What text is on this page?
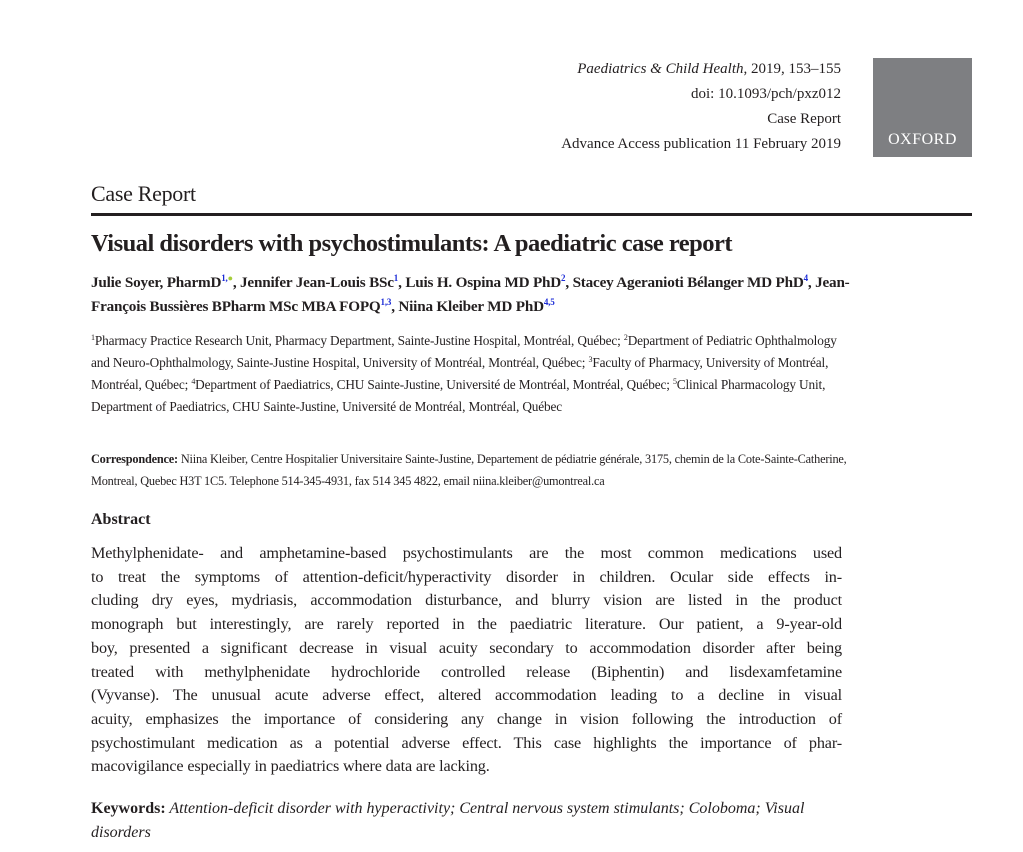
Paediatrics & Child Health, 2019, 153–155
doi: 10.1093/pch/pxz012
Case Report
Advance Access publication 11 February 2019	OXFORD
Case Report
Visual disorders with psychostimulants: A paediatric case report
Julie Soyer, PharmD$^{1,●}$, Jennifer Jean-Louis BSc$^1$, Luis H. Ospina MD PhD$^2$, Stacey Ageranioti Bélanger MD PhD$^4$, Jean-François Bussières BPharm MSc MBA FOPQ$^{1,3}$, Niina Kleiber MD PhD$^{4,5}$
$^1$Pharmacy Practice Research Unit, Pharmacy Department, Sainte-Justine Hospital, Montréal, Québec; $^2$Department of Pediatric Ophthalmology and Neuro-Ophthalmology, Sainte-Justine Hospital, University of Montréal, Montréal, Québec; $^3$Faculty of Pharmacy, University of Montréal, Montréal, Québec; $^4$Department of Paediatrics, CHU Sainte-Justine, Université de Montréal, Montréal, Québec; $^5$Clinical Pharmacology Unit, Department of Paediatrics, CHU Sainte-Justine, Université de Montréal, Montréal, Québec
Correspondence: Niina Kleiber, Centre Hospitalier Universitaire Sainte-Justine, Departement de pédiatrie générale, 3175, chemin de la Cote-Sainte-Catherine, Montreal, Quebec H3T 1C5. Telephone 514-345-4931, fax 514 345 4822, email niina.kleiber@umontreal.ca
Abstract
Methylphenidate- and amphetamine-based psychostimulants are the most common medications used
to treat the symptoms of attention-deficit/hyperactivity disorder in children. Ocular side effects in-
cluding dry eyes, mydriasis, accommodation disturbance, and blurry vision are listed in the product
monograph but interestingly, are rarely reported in the paediatric literature. Our patient, a 9-year-old
boy, presented a significant decrease in visual acuity secondary to accommodation disorder after being
treated with methylphenidate hydrochloride controlled release (Biphentin) and lisdexamfetamine
(Vyvanse). The unusual acute adverse effect, altered accommodation leading to a decline in visual
acuity, emphasizes the importance of considering any change in vision following the introduction of
psychostimulant medication as a potential adverse effect. This case highlights the importance of phar-
macovigilance especially in paediatrics where data are lacking.
Keywords: Attention-deficit disorder with hyperactivity; Central nervous system stimulants; Coloboma; Visual disorders
